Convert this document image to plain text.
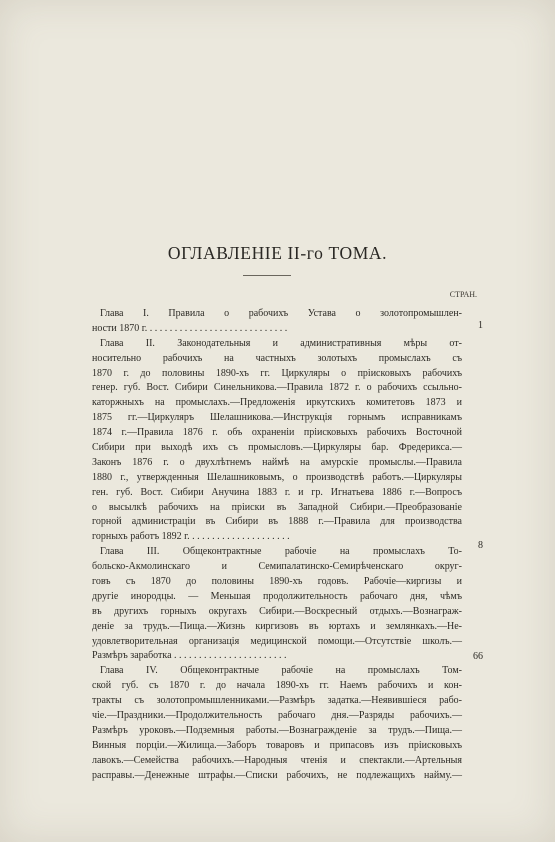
ОГЛАВЛЕНІЕ II-го ТОМА.
СТРАН.
Глава I. Правила о рабочихъ Устава о золотопромышлен-
ности 1870 г. . . . . . . . . . . . . . . . . . . . . . . . . . . . .
Глава II. Законодательныя и административныя мѣры от-
носительно рабочихъ на частныхъ золотыхъ промыслахъ съ
1870 г. до половины 1890-хъ гг. Циркуляры о пріисковыхъ рабочихъ
генер. губ. Вост. Сибири Синельникова.—Правила 1872 г. о рабочихъ ссыльно-
каторжныхъ на промыслахъ.—Предложенія иркутскихъ комитетовъ 1873 и
1875 гг.—Циркуляръ Шелашникова.—Инструкція горнымъ исправникамъ
1874 г.—Правила 1876 г. объ охраненіи пріисковыхъ рабочихъ Восточной
Сибири при выходѣ ихъ съ промысловъ.—Циркуляры бар. Фредерикса.—
Законъ 1876 г. о двухлѣтнемъ наймѣ на амурскіе промыслы.—Правила
1880 г., утвержденныя Шелашниковымъ, о производствѣ работъ.—Циркуляры
ген. губ. Вост. Сибири Анучина 1883 г. и гр. Игнатьева 1886 г.—Вопросъ
о высылкѣ рабочихъ на пріиски въ Западной Сибири.—Преобразованіе
горной администраціи въ Сибири въ 1888 г.—Правила для производства
горныхъ работъ 1892 г. . . . . . . . . . . . . . . . . . . . .
Глава III. Общеконтрактные рабочіе на промыслахъ То-
больско-Акмолинскаго и Семипалатинско-Семирѣченскаго округ-
говъ съ 1870 до половины 1890-хъ годовъ. Рабочіе—киргизы и
другіе инородцы. — Меньшая продолжительность рабочаго дня, чѣмъ
въ другихъ горныхъ округахъ Сибири.—Воскресный отдыхъ.—Вознаграж-
деніе за трудъ.—Пища.—Жизнь киргизовъ въ юртахъ и землянкахъ.—Не-
удовлетворительная организація медицинской помощи.—Отсутствіе школъ.—
Размѣръ заработка . . . . . . . . . . . . . . . . . . . . . . .
Глава IV. Общеконтрактные рабочіе на промыслахъ Том-
ской губ. съ 1870 г. до начала 1890-хъ гг. Наемъ рабочихъ и кон-
тракты съ золотопромышленниками.—Размѣръ задатка.—Неявившіеся рабо-
чіе.—Праздники.—Продолжительность рабочаго дня.—Разряды рабочихъ.—
Размѣръ уроковъ.—Подземныя работы.—Вознагражденіе за трудъ.—Пища.—
Винныя порціи.—Жилища.—Заборъ товаровъ и припасовъ изъ пріисковыхъ
лавокъ.—Семейства рабочихъ.—Народныя чтенія и спектакли.—Артельныя
расправы.—Денежные штрафы.—Списки рабочихъ, не подлежащихъ найму.—
1
8
66
